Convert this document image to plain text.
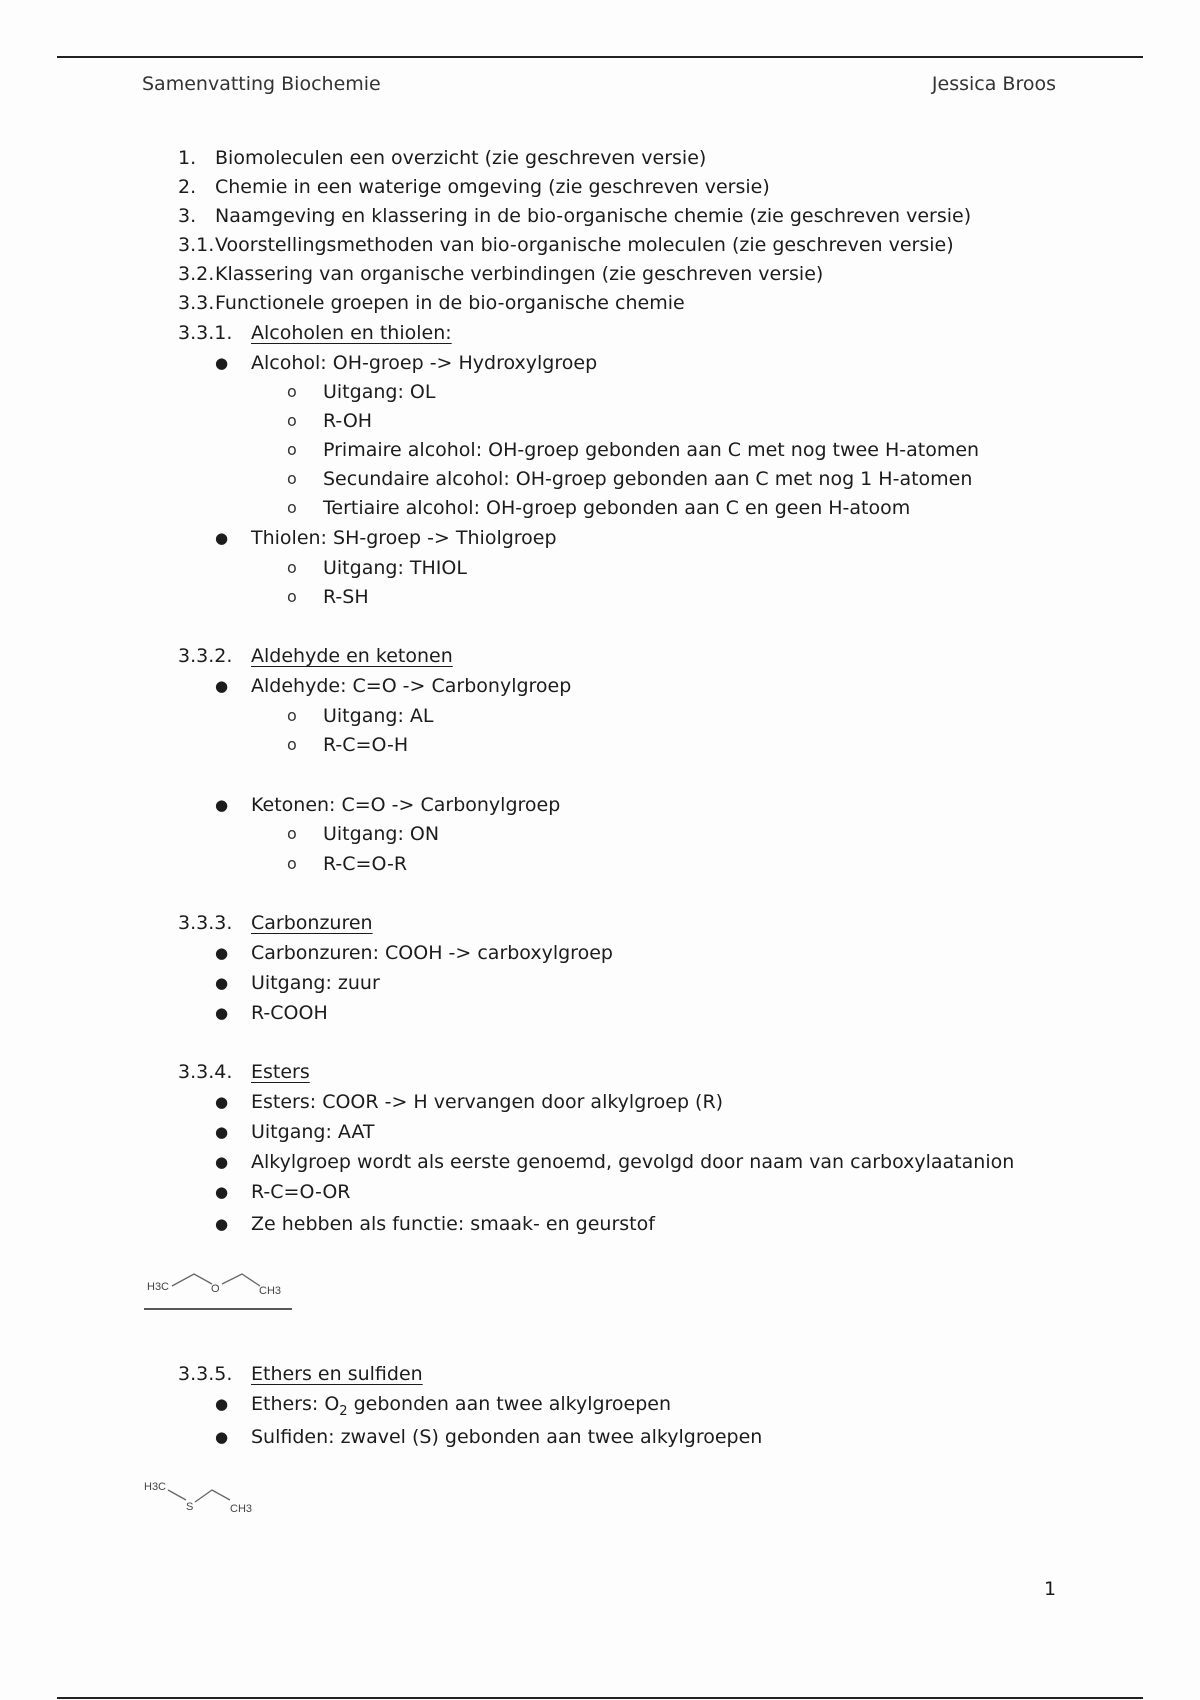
Samenvatting Biochemie	Jessica Broos
1. Biomoleculen een overzicht (zie geschreven versie)
2. Chemie in een waterige omgeving (zie geschreven versie)
3. Naamgeving en klassering in de bio-organische chemie (zie geschreven versie)
3.1. Voorstellingsmethoden van bio-organische moleculen (zie geschreven versie)
3.2. Klassering van organische verbindingen (zie geschreven versie)
3.3. Functionele groepen in de bio-organische chemie
3.3.1. Alcoholen en thiolen:
● Alcohol: OH-groep -> Hydroxylgroep
o Uitgang: OL
o R-OH
o Primaire alcohol: OH-groep gebonden aan C met nog twee H-atomen
o Secundaire alcohol: OH-groep gebonden aan C met nog 1 H-atomen
o Tertiaire alcohol: OH-groep gebonden aan C en geen H-atoom
● Thiolen: SH-groep -> Thiolgroep
o Uitgang: THIOL
o R-SH
3.3.2. Aldehyde en ketonen
● Aldehyde: C=O -> Carbonylgroep
o Uitgang: AL
o R-C=O-H
● Ketonen: C=O -> Carbonylgroep
o Uitgang: ON
o R-C=O-R
3.3.3. Carbonzuren
● Carbonzuren: COOH -> carboxylgroep
● Uitgang: zuur
● R-COOH
3.3.4. Esters
● Esters: COOR -> H vervangen door alkylgroep (R)
● Uitgang: AAT
● Alkylgroep wordt als eerste genoemd, gevolgd door naam van carboxylaatanion
● R-C=O-OR
● Ze hebben als functie: smaak- en geurstof
H3C	O	CH3
3.3.5. Ethers en sulfiden
● Ethers: $O_2$ gebonden aan twee alkylgroepen
● Sulfiden: zwavel (S) gebonden aan twee alkylgroepen
H3C
S	CH3
1
